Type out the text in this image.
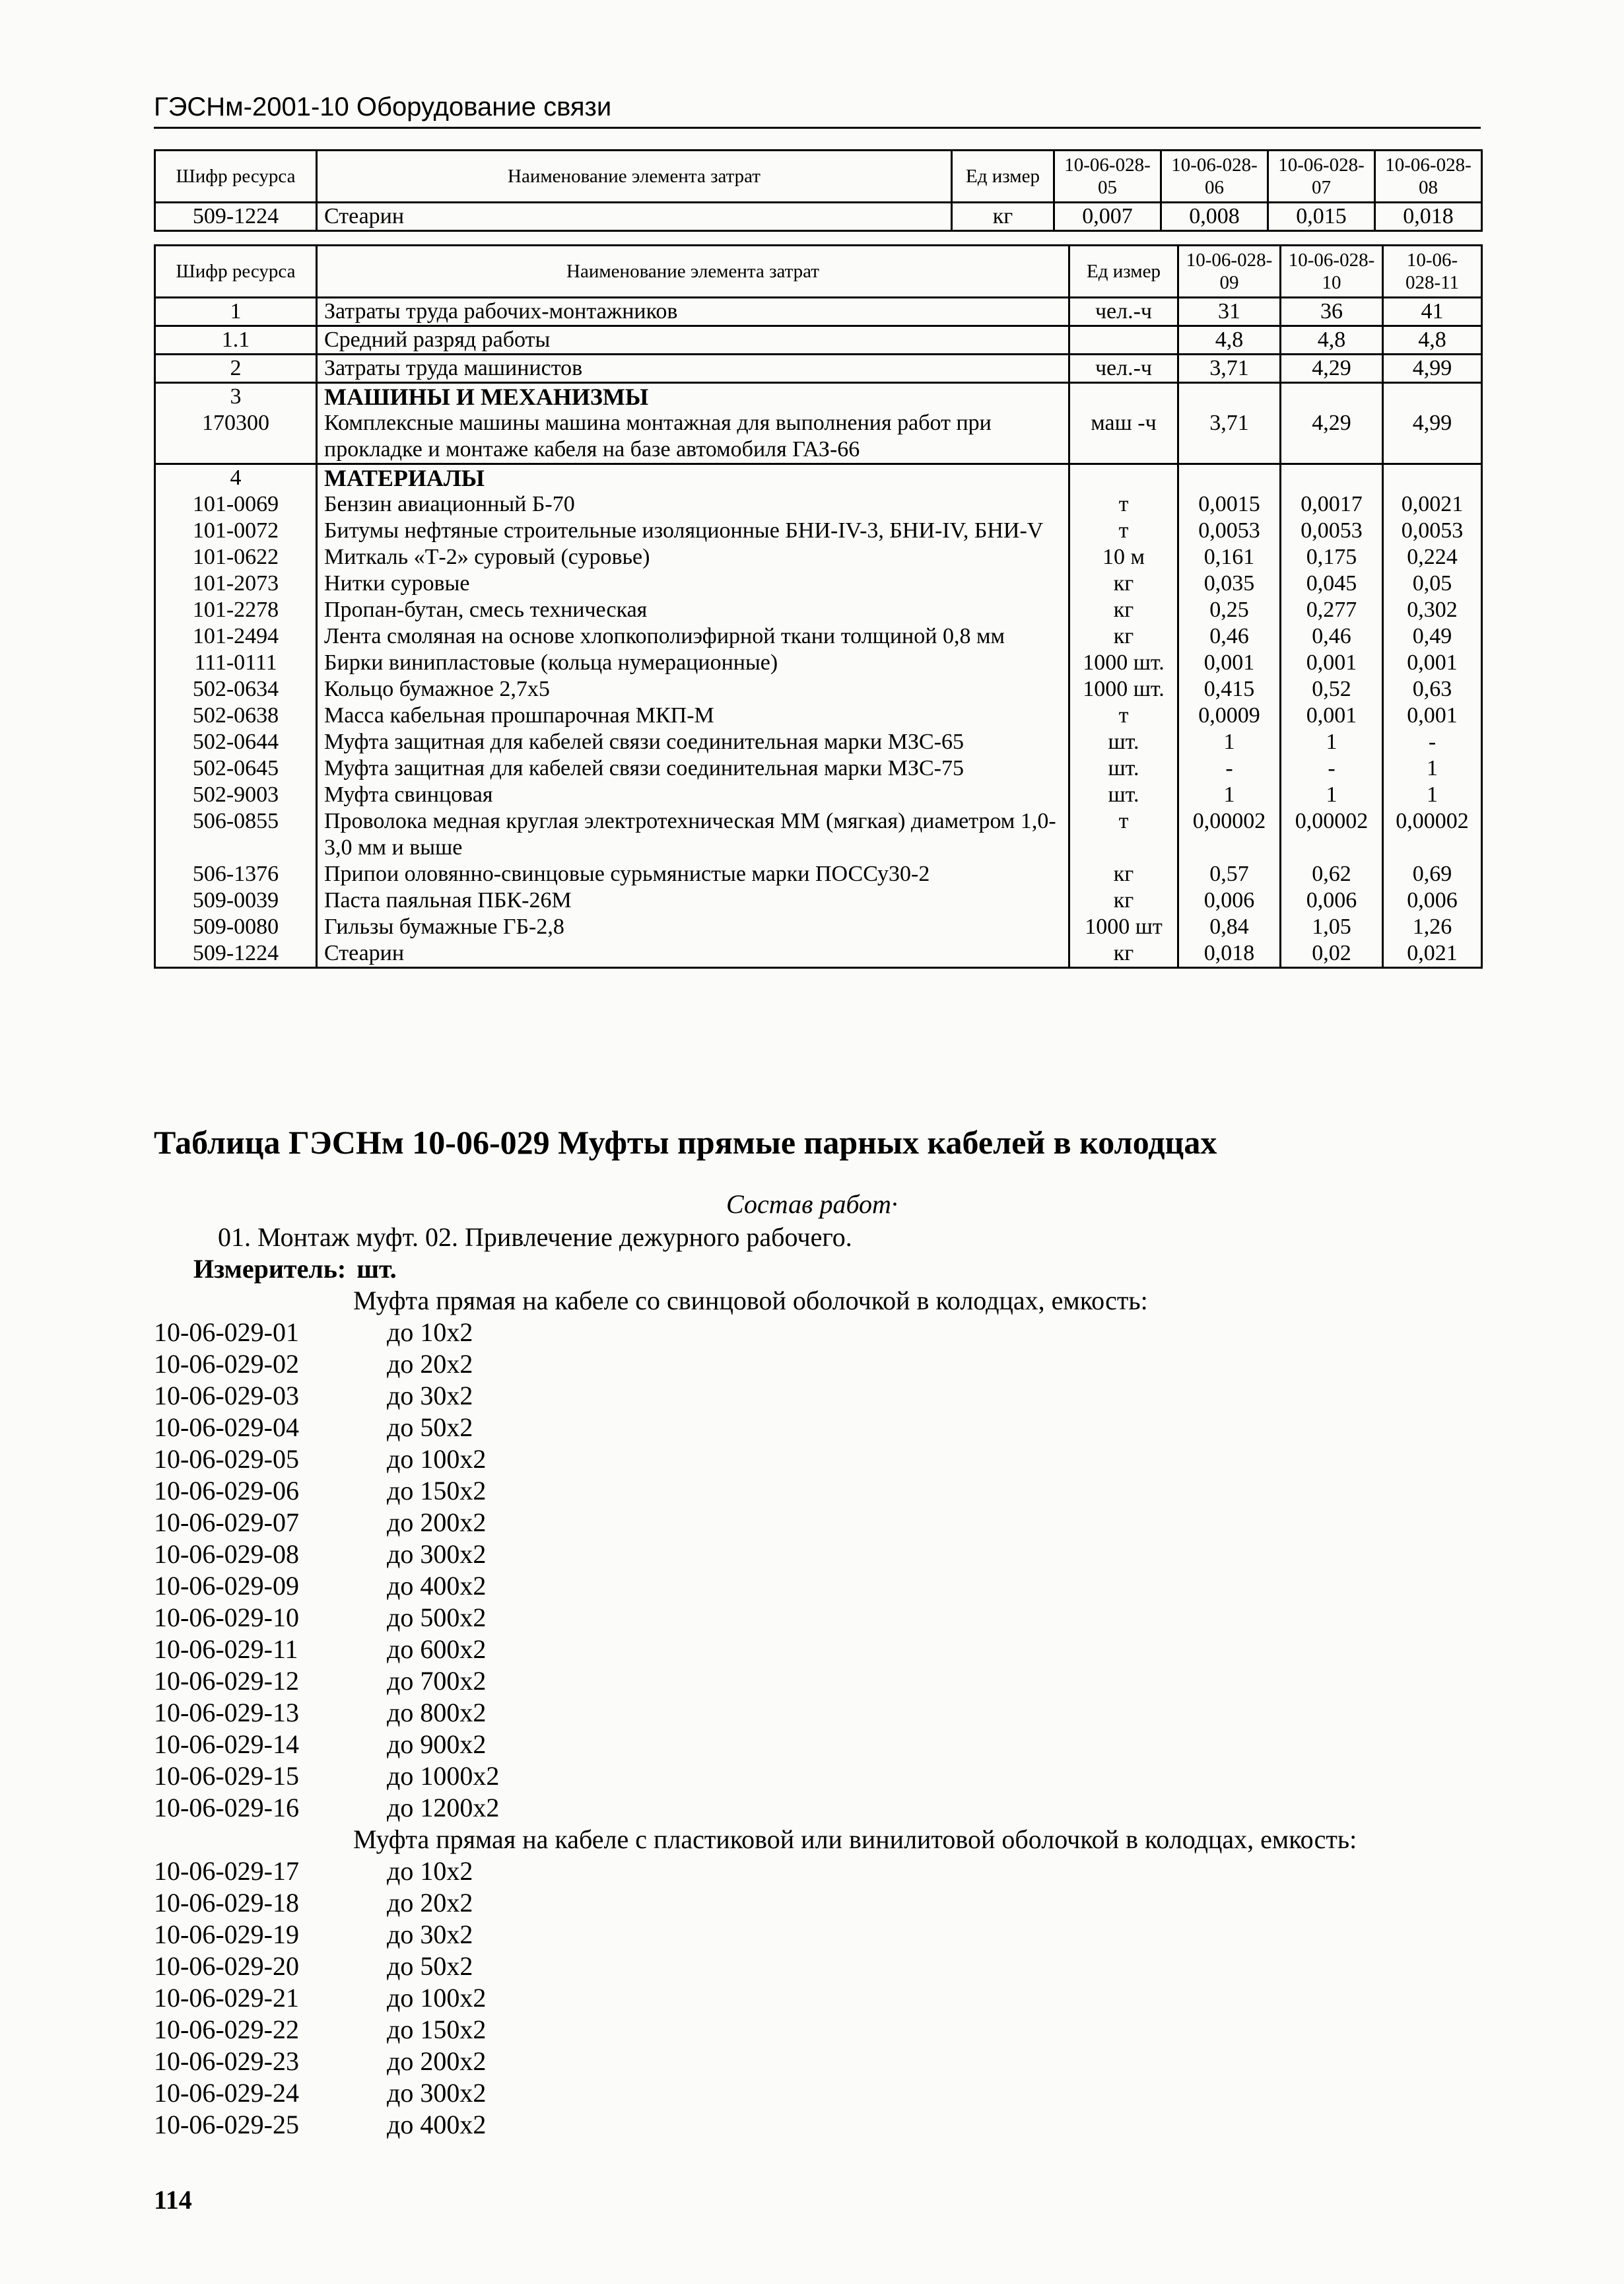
ГЭСНм-2001-10 Оборудование связи
Шифр ресурса	Наименование элемента затрат	Ед измер	10-06-028-05	10-06-028-06	10-06-028-07	10-06-028-08
509-1224	Стеарин	кг	0,007	0,008	0,015	0,018
Шифр ресурса	Наименование элемента затрат	Ед измер	10-06-028-09	10-06-028-10	10-06-028-11
1	Затраты труда рабочих-монтажников	чел.-ч	31	36	41
1.1	Средний разряд работы		4,8	4,8	4,8
2	Затраты труда машинистов	чел.-ч	3,71	4,29	4,99
3	МАШИНЫ И МЕХАНИЗМЫ				
170300	Комплексные машины машина монтажная для выполнения работ при прокладке и монтаже кабеля на базе автомобиля ГАЗ-66	маш -ч	3,71	4,29	4,99
4	МАТЕРИАЛЫ				
101-0069	Бензин авиационный Б-70	т	0,0015	0,0017	0,0021
101-0072	Битумы нефтяные строительные изоляционные БНИ-IV-3, БНИ-IV, БНИ-V	т	0,0053	0,0053	0,0053
101-0622	Миткаль «Т-2» суровый (суровье)	10 м	0,161	0,175	0,224
101-2073	Нитки суровые	кг	0,035	0,045	0,05
101-2278	Пропан-бутан, смесь техническая	кг	0,25	0,277	0,302
101-2494	Лента смоляная на основе хлопкополиэфирной ткани толщиной 0,8 мм	кг	0,46	0,46	0,49
111-0111	Бирки винипластовые (кольца нумерационные)	1000 шт.	0,001	0,001	0,001
502-0634	Кольцо бумажное 2,7x5	1000 шт.	0,415	0,52	0,63
502-0638	Масса кабельная прошпарочная МКП-М	т	0,0009	0,001	0,001
502-0644	Муфта защитная для кабелей связи соединительная марки МЗС-65	шт.	1	1	-
502-0645	Муфта защитная для кабелей связи соединительная марки МЗС-75	шт.	-	-	1
502-9003	Муфта свинцовая	шт.	1	1	1
506-0855	Проволока медная круглая электротехническая ММ (мягкая) диаметром 1,0-3,0 мм и выше	т	0,00002	0,00002	0,00002
506-1376	Припои оловянно-свинцовые сурьмянистые марки ПОССу30-2	кг	0,57	0,62	0,69
509-0039	Паста паяльная ПБК-26М	кг	0,006	0,006	0,006
509-0080	Гильзы бумажные ГБ-2,8	1000 шт	0,84	1,05	1,26
509-1224	Стеарин	кг	0,018	0,02	0,021
Таблица ГЭСНм 10-06-029 Муфты прямые парных кабелей в колодцах
Состав работ·
01. Монтаж муфт. 02. Привлечение дежурного рабочего.
Измеритель: шт.
Муфта прямая на кабеле со свинцовой оболочкой в колодцах, емкость:
10-06-029-01	до 10x2
10-06-029-02	до 20x2
10-06-029-03	до 30x2
10-06-029-04	до 50x2
10-06-029-05	до 100x2
10-06-029-06	до 150x2
10-06-029-07	до 200x2
10-06-029-08	до 300x2
10-06-029-09	до 400x2
10-06-029-10	до 500x2
10-06-029-11	до 600x2
10-06-029-12	до 700x2
10-06-029-13	до 800x2
10-06-029-14	до 900x2
10-06-029-15	до 1000x2
10-06-029-16	до 1200x2
Муфта прямая на кабеле с пластиковой или винилитовой оболочкой в колодцах, емкость:
10-06-029-17	до 10x2
10-06-029-18	до 20x2
10-06-029-19	до 30x2
10-06-029-20	до 50x2
10-06-029-21	до 100x2
10-06-029-22	до 150x2
10-06-029-23	до 200x2
10-06-029-24	до 300x2
10-06-029-25	до 400x2
114
